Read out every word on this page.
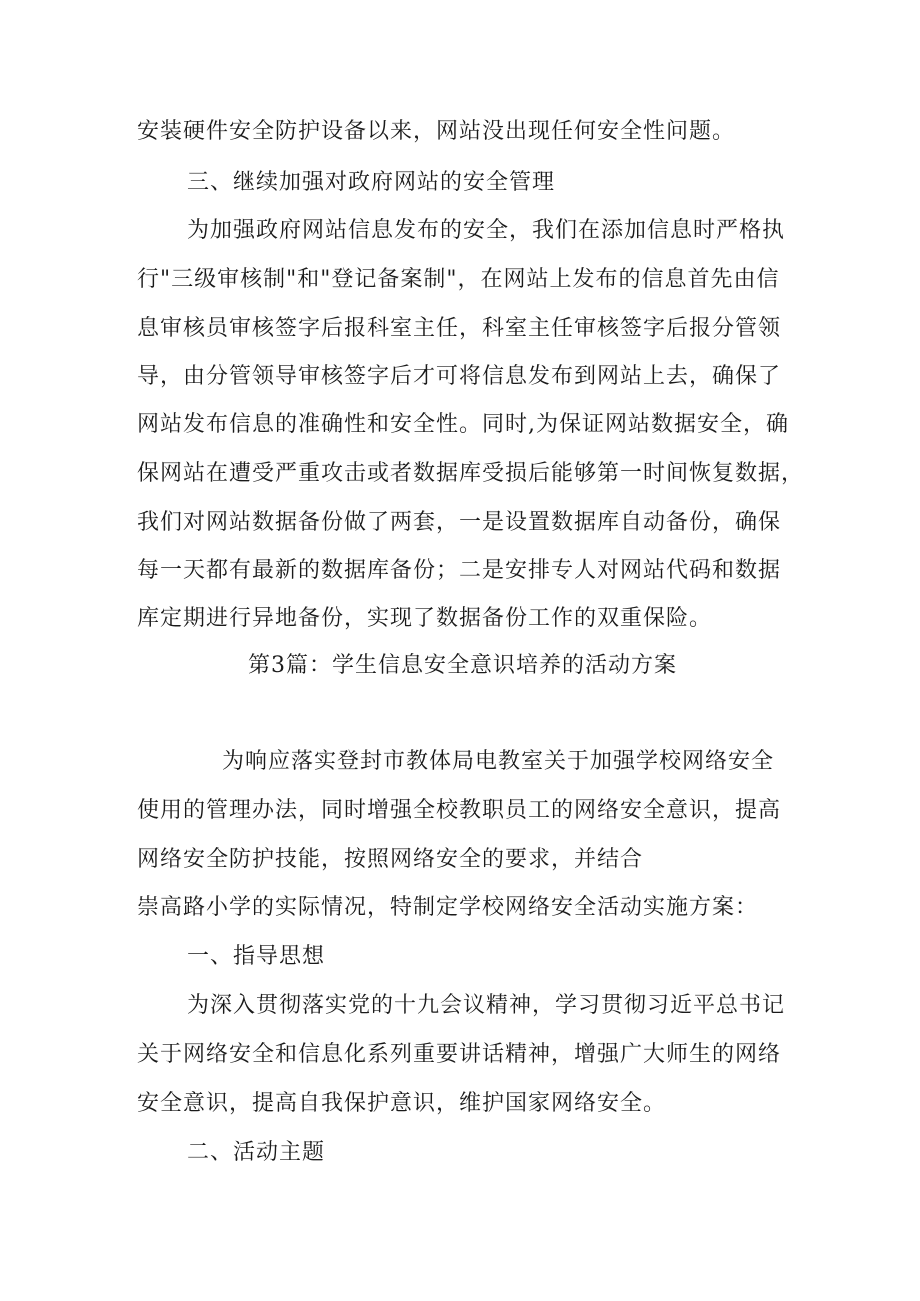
安装硬件安全防护设备以来，网站没出现任何安全性问题。
三、继续加强对政府网站的安全管理
为加强政府网站信息发布的安全，我们在添加信息时严格执
行"三级审核制"和"登记备案制"，在网站上发布的信息首先由信
息审核员审核签字后报科室主任，科室主任审核签字后报分管领
导，由分管领导审核签字后才可将信息发布到网站上去，确保了
网站发布信息的准确性和安全性。同时,为保证网站数据安全，确
保网站在遭受严重攻击或者数据库受损后能够第一时间恢复数据，
我们对网站数据备份做了两套，一是设置数据库自动备份，确保
每一天都有最新的数据库备份；二是安排专人对网站代码和数据
库定期进行异地备份，实现了数据备份工作的双重保险。
第3篇：学生信息安全意识培养的活动方案
为响应落实登封市教体局电教室关于加强学校网络安全
使用的管理办法，同时增强全校教职员工的网络安全意识，提高
网络安全防护技能，按照网络安全的要求，并结合
崇高路小学的实际情况，特制定学校网络安全活动实施方案：
一、指导思想
为深入贯彻落实党的十九会议精神，学习贯彻习近平总书记
关于网络安全和信息化系列重要讲话精神，增强广大师生的网络
安全意识，提高自我保护意识，维护国家网络安全。
二、活动主题
